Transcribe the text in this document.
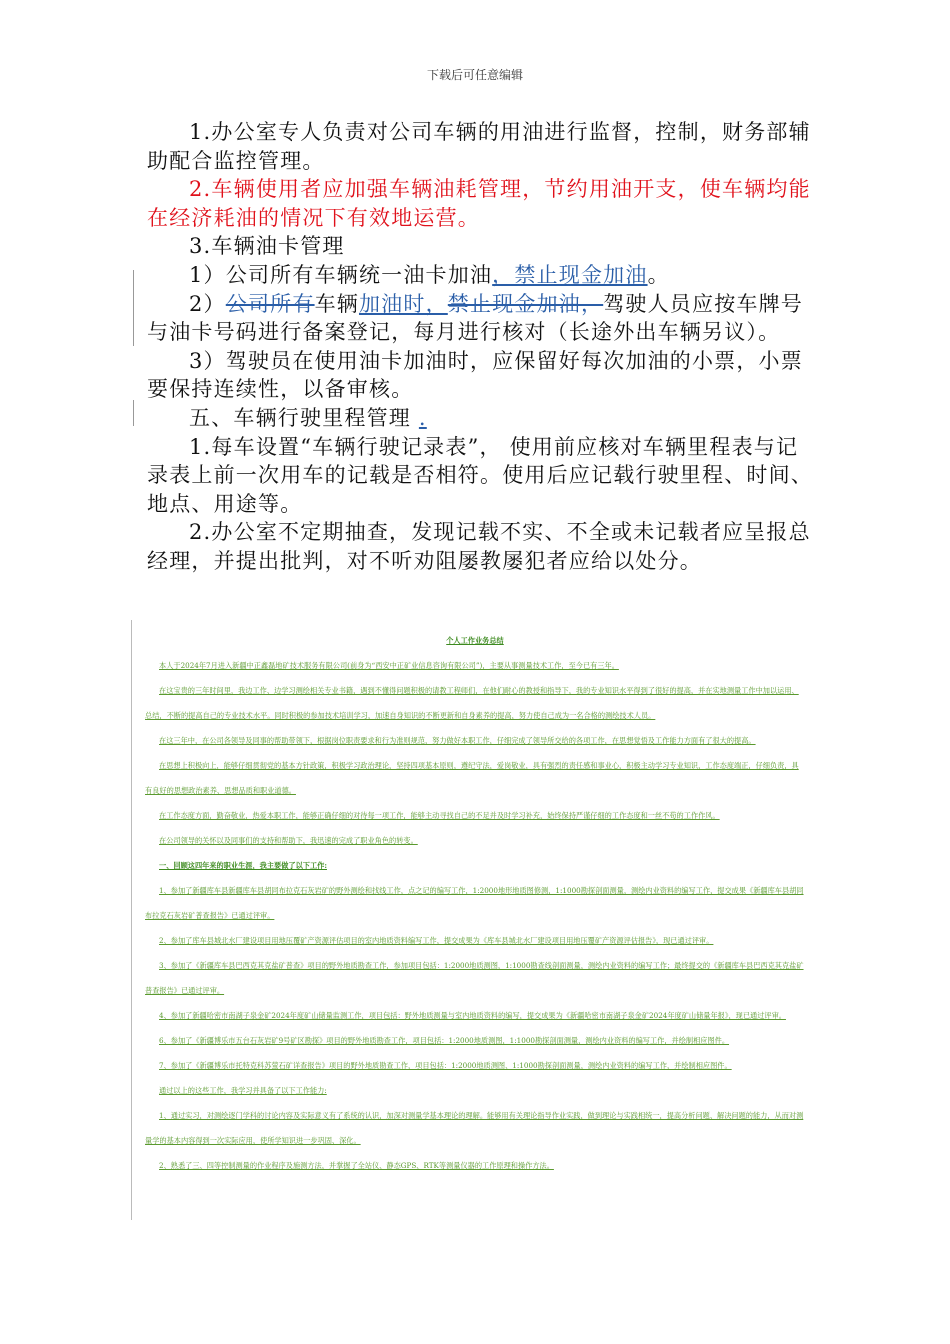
下载后可任意编辑

1.办公室专人负责对公司车辆的用油进行监督，控制，财务部辅助配合监控管理。

2.车辆使用者应加强车辆油耗管理，节约用油开支，使车辆均能在经济耗油的情况下有效地运营。

3.车辆油卡管理

1）公司所有车辆统一油卡加油，禁止现金加油。

2）公司所有车辆加油时，禁止现金加油，驾驶人员应按车牌号与油卡号码进行备案登记，每月进行核对（长途外出车辆另议）。

3）驾驶员在使用油卡加油时，应保留好每次加油的小票，小票要保持连续性，以备审核。

五、车辆行驶里程管理 .

1.每车设置“车辆行驶记录表”， 使用前应核对车辆里程表与记录表上前一次用车的记载是否相符。使用后应记载行驶里程、时间、地点、用途等。

2.办公室不定期抽查，发现记载不实、不全或未记载者应呈报总经理，并提出批判，对不听劝阻屡教屡犯者应给以处分。

个人工作业务总结

本人于2024年7月进入新疆中正鑫磊地矿技术服务有限公司(前身为“西安中正矿业信息咨询有限公司”)，主要从事测量技术工作，至今已有三年。

在这宝贵的三年时间里，我边工作、边学习测绘相关专业书籍，遇到不懂得问题积极的请教工程师们，在他们耐心的教授和指导下，我的专业知识水平得到了很好的提高，并在实地测量工作中加以运用、总结，不断的提高自己的专业技术水平。同时积极的参加技术培训学习，加速自身知识的不断更新和自身素养的提高，努力使自己成为一名合格的测绘技术人员。

在这三年中，在公司各领导及同事的帮助带领下，根据岗位职责要求和行为准则规范，努力做好本职工作，仔细完成了领导所交给的各项工作，在思想觉悟及工作能力方面有了很大的提高。

在思想上积极向上，能够仔细贯彻党的基本方针政策，积极学习政治理论，坚持四项基本原则，遵纪守法，爱岗敬业，具有强烈的责任感和事业心，积极主动学习专业知识，工作态度端正，仔细负责，具有良好的思想政治素养、思想品质和职业道德。

在工作态度方面，勤奋敬业，热爱本职工作，能够正确仔细的对待每一项工作，能够主动寻找自己的不足并及时学习补充，始终保持严谨仔细的工作态度和一丝不苟的工作作风。

在公司领导的关怀以及同事们的支持和帮助下，我迅速的完成了职业角色的转变。

一、回顾这四年来的职业生涯，我主要做了以下工作:

1、参加了新疆库车县新疆库车县胡同布拉克石灰岩矿的野外测绘和找线工作，点之记的编写工作，1:2000地形地质图修测，1:1000勘探剖面测量，测绘内业资料的编写工作，提交成果《新疆库车县胡同布拉克石灰岩矿普查报告》已通过评审。

2、参加了库车县城北水厂建设项目用地压覆矿产资源评估项目的室内地质资料编写工作，提交成果为《库车县城北水厂建设项目用地压覆矿产资源评估报告》，现已通过评审。

3、参加了《新疆库车县巴西克其克盐矿普查》项目的野外地质勘查工作，参加项目包括：1:2000地质测图，1:1000勘查线剖面测量，测绘内业资料的编写工作；最终提交的《新疆库车县巴西克其克盐矿普查报告》已通过评审。

4、参加了新疆哈密市南湖子泉金矿2024年度矿山储量监测工作，项目包括：野外地质测量与室内地质资料的编写，提交成果为《新疆哈密市南湖子泉金矿2024年度矿山储量年报》，现已通过评审。

6、参加了《新疆博乐市五台石灰岩矿9号矿区勘探》项目的野外地质勘查工作，项目包括：1:2000地质测图，1:1000勘探剖面测量，测绘内业资料的编写工作，并绘制相应图件。

7、参加了《新疆博乐市托特克科苏萤石矿详查报告》项目的野外地质勘查工作，项目包括：1:2000地质测图、1:1000勘探剖面测量，测绘内业资料的编写工作，并绘制相应图件。

通过以上的这些工作，我学习并具备了以下工作能力:

1、通过实习，对测绘逐门学科的讨论内容及实际意义有了系统的认识，加深对测量学基本理论的理解。能够用有关理论指导作业实践，做到理论与实践相统一，提高分析问题、解决问题的能力，从而对测量学的基本内容得到一次实际应用，使所学知识进一步巩固、深化。

2、熟悉了三、四等控制测量的作业程序及施测方法，并掌握了全站仪、静态GPS、RTK等测量仪器的工作原理和操作方法。
